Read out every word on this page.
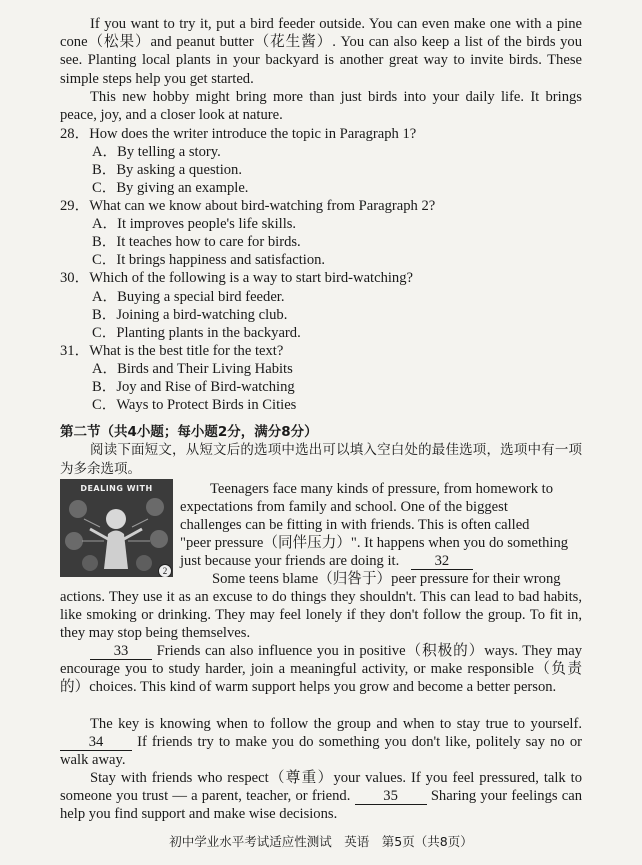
If you want to try it, put a bird feeder outside. You can even make one with a pine cone（松果）and peanut butter（花生酱）. You can also keep a list of the birds you see. Planting local plants in your backyard is another great way to invite birds. These simple steps help you get started.

This new hobby might bring more than just birds into your daily life. It brings peace, joy, and a closer look at nature.

28．How does the writer introduce the topic in Paragraph 1?
A．By telling a story.
B．By asking a question.
C．By giving an example.
29．What can we know about bird-watching from Paragraph 2?
A．It improves people's life skills.
B．It teaches how to care for birds.
C．It brings happiness and satisfaction.
30．Which of the following is a way to start bird-watching?
A．Buying a special bird feeder.
B．Joining a bird-watching club.
C．Planting plants in the backyard.
31．What is the best title for the text?
A．Birds and Their Living Habits
B．Joy and Rise of Bird-watching
C．Ways to Protect Birds in Cities
第二节（共4小题；每小题2分，满分8分）
阅读下面短文，从短文后的选项中选出可以填入空白处的最佳选项，选项中有一项为多余选项。
DEALING WITH
2
Teenagers face many kinds of pressure, from homework to
expectations from family and school. One of the biggest
challenges can be fitting in with friends. This is often called
"peer pressure（同伴压力）". It happens when you do something
just because your friends are doing it. 32
Some teens blame（归咎于）peer pressure for their wrong
actions. They use it as an excuse to do things they shouldn't. This can lead to bad habits, like smoking or drinking. They may feel lonely if they don't follow the group. To fit in, they may stop being themselves.
33 Friends can also influence you in positive（积极的）ways. They may encourage you to study harder, join a meaningful activity, or make responsible（负责的）choices. This kind of warm support helps you grow and become a better person.
The key is knowing when to follow the group and when to stay true to yourself. 34 If friends try to make you do something you don't like, politely say no or walk away.
Stay with friends who respect（尊重）your values. If you feel pressured, talk to someone you trust — a parent, teacher, or friend. 35 Sharing your feelings can help you find support and make wise decisions.
初中学业水平考试适应性测试　英语　第5页（共8页）
